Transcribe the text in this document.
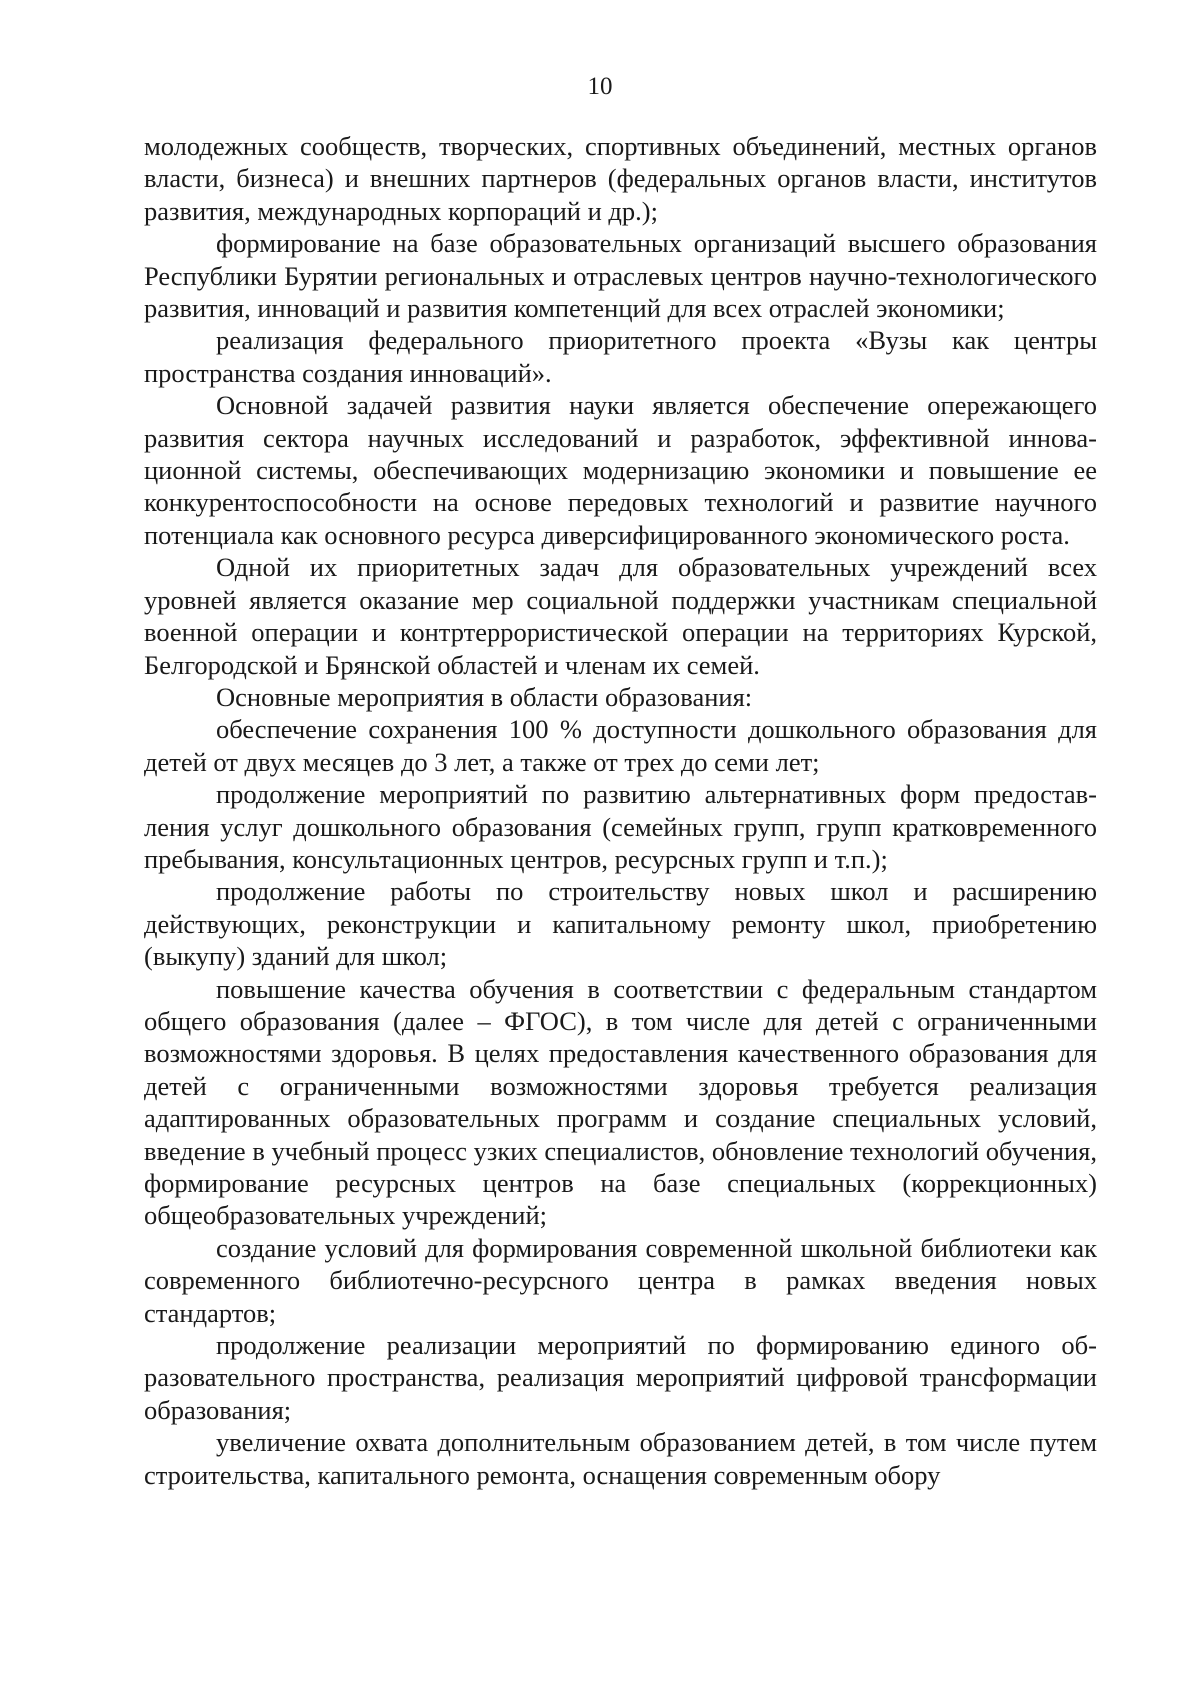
10

молодежных сообществ, творческих, спортивных объединений, местных органов власти, бизнеса) и внешних партнеров (федеральных органов власти, институтов развития, международных корпораций и др.);

формирование на базе образовательных организаций высшего образования Республики Бурятии региональных и отраслевых центров научно-технологического развития, инноваций и развития компетенций для всех отраслей экономики;

реализация федерального приоритетного проекта «Вузы как центры пространства создания инноваций».

Основной задачей развития науки является обеспечение опережающего развития сектора научных исследований и разработок, эффективной инновационной системы, обеспечивающих модернизацию экономики и повышение ее конкурентоспособности на основе передовых технологий и развитие научного потенциала как основного ресурса диверсифицированного экономического роста.

Одной их приоритетных задач для образовательных учреждений всех уровней является оказание мер социальной поддержки участникам специальной военной операции и контртеррористической операции на территориях Курской, Белгородской и Брянской областей и членам их семей.

Основные мероприятия в области образования:

обеспечение сохранения 100 % доступности дошкольного образования для детей от двух месяцев до 3 лет, а также от трех до семи лет;

продолжение мероприятий по развитию альтернативных форм предоставления услуг дошкольного образования (семейных групп, групп кратковременного пребывания, консультационных центров, ресурсных групп и т.п.);

продолжение работы по строительству новых школ и расширению действующих, реконструкции и капитальному ремонту школ, приобретению (выкупу) зданий для школ;

повышение качества обучения в соответствии с федеральным стандартом общего образования (далее – ФГОС), в том числе для детей с ограниченными возможностями здоровья. В целях предоставления качественного образования для детей с ограниченными возможностями здоровья требуется реализация адаптированных образовательных программ и создание специальных условий, введение в учебный процесс узких специалистов, обновление технологий обучения, формирование ресурсных центров на базе специальных (коррекционных) общеобразовательных учреждений;

создание условий для формирования современной школьной библиотеки как современного библиотечно-ресурсного центра в рамках введения новых стандартов;

продолжение реализации мероприятий по формированию единого образовательного пространства, реализация мероприятий цифровой трансформации образования;

увеличение охвата дополнительным образованием детей, в том числе путем строительства, капитального ремонта, оснащения современным обору
